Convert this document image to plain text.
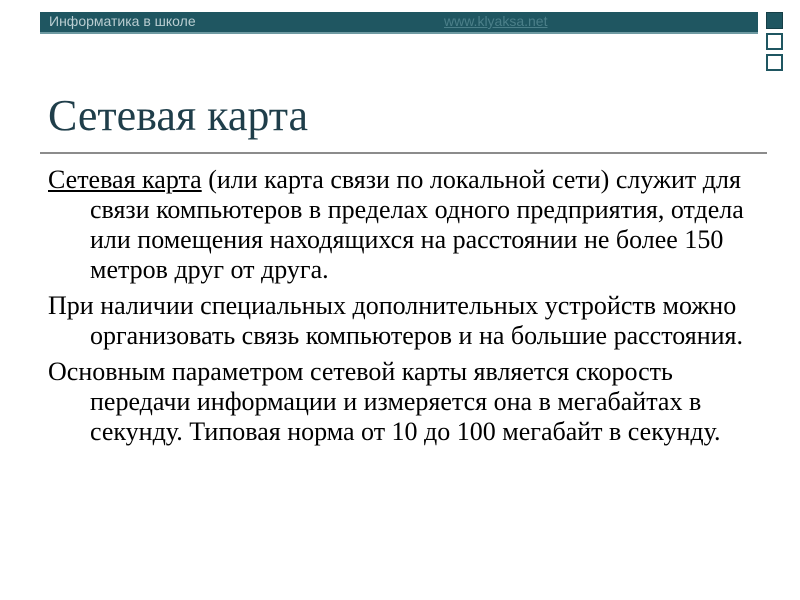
Информатика в школе	www.klyaksa.net
Сетевая карта

Сетевая карта (или карта связи по локальной сети) служит для связи компьютеров в пределах одного предприятия, отдела или помещения находящихся на расстоянии не более 150 метров друг от друга.

При наличии специальных дополнительных устройств можно организовать связь компьютеров и на большие расстояния.

Основным параметром сетевой карты является скорость передачи информации и измеряется она в мегабайтах в секунду. Типовая норма от 10 до 100 мегабайт в секунду.
